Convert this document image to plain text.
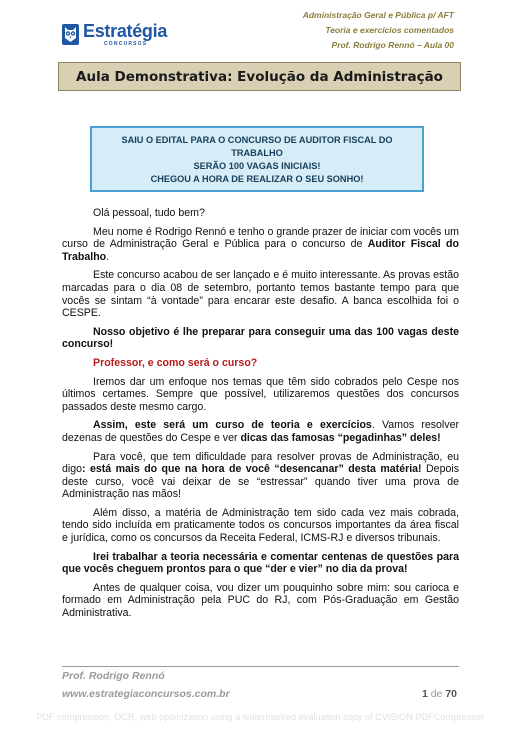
Administração Geral e Pública p/ AFT
Teoria e exercícios comentados
Prof. Rodrigo Rennó – Aula 00
Estratégia
CONCURSOS
Aula Demonstrativa: Evolução da Administração
SAIU O EDITAL PARA O CONCURSO DE AUDITOR FISCAL DO
TRABALHO
SERÃO 100 VAGAS INICIAIS!
CHEGOU A HORA DE REALIZAR O SEU SONHO!

Olá pessoal, tudo bem?

Meu nome é Rodrigo Rennó e tenho o grande prazer de iniciar com vocês um curso de Administração Geral e Pública para o concurso de Auditor Fiscal do Trabalho.

Este concurso acabou de ser lançado e é muito interessante. As provas estão marcadas para o dia 08 de setembro, portanto temos bastante tempo para que vocês se sintam “à vontade” para encarar este desafio. A banca escolhida foi o CESPE.

Nosso objetivo é lhe preparar para conseguir uma das 100 vagas deste concurso!

Professor, e como será o curso?

Iremos dar um enfoque nos temas que têm sido cobrados pelo Cespe nos últimos certames. Sempre que possível, utilizaremos questões dos concursos passados deste mesmo cargo.

Assim, este será um curso de teoria e exercícios. Vamos resolver dezenas de questões do Cespe e ver dicas das famosas “pegadinhas” deles!

Para você, que tem dificuldade para resolver provas de Administração, eu digo: está mais do que na hora de você “desencanar” desta matéria! Depois deste curso, você vai deixar de se “estressar” quando tiver uma prova de Administração nas mãos!

Além disso, a matéria de Administração tem sido cada vez mais cobrada, tendo sido incluída em praticamente todos os concursos importantes da área fiscal e jurídica, como os concursos da Receita Federal, ICMS-RJ e diversos tribunais.

Irei trabalhar a teoria necessária e comentar centenas de questões para que vocês cheguem prontos para o que “der e vier” no dia da prova!

Antes de qualquer coisa, vou dizer um pouquinho sobre mim: sou carioca e formado em Administração pela PUC do RJ, com Pós-Graduação em Gestão Administrativa.

Prof. Rodrigo Rennó
www.estrategiaconcursos.com.br	1 de 70
PDF compression, OCR, web optimization using a watermarked evaluation copy of CVISION PDFCompressor
